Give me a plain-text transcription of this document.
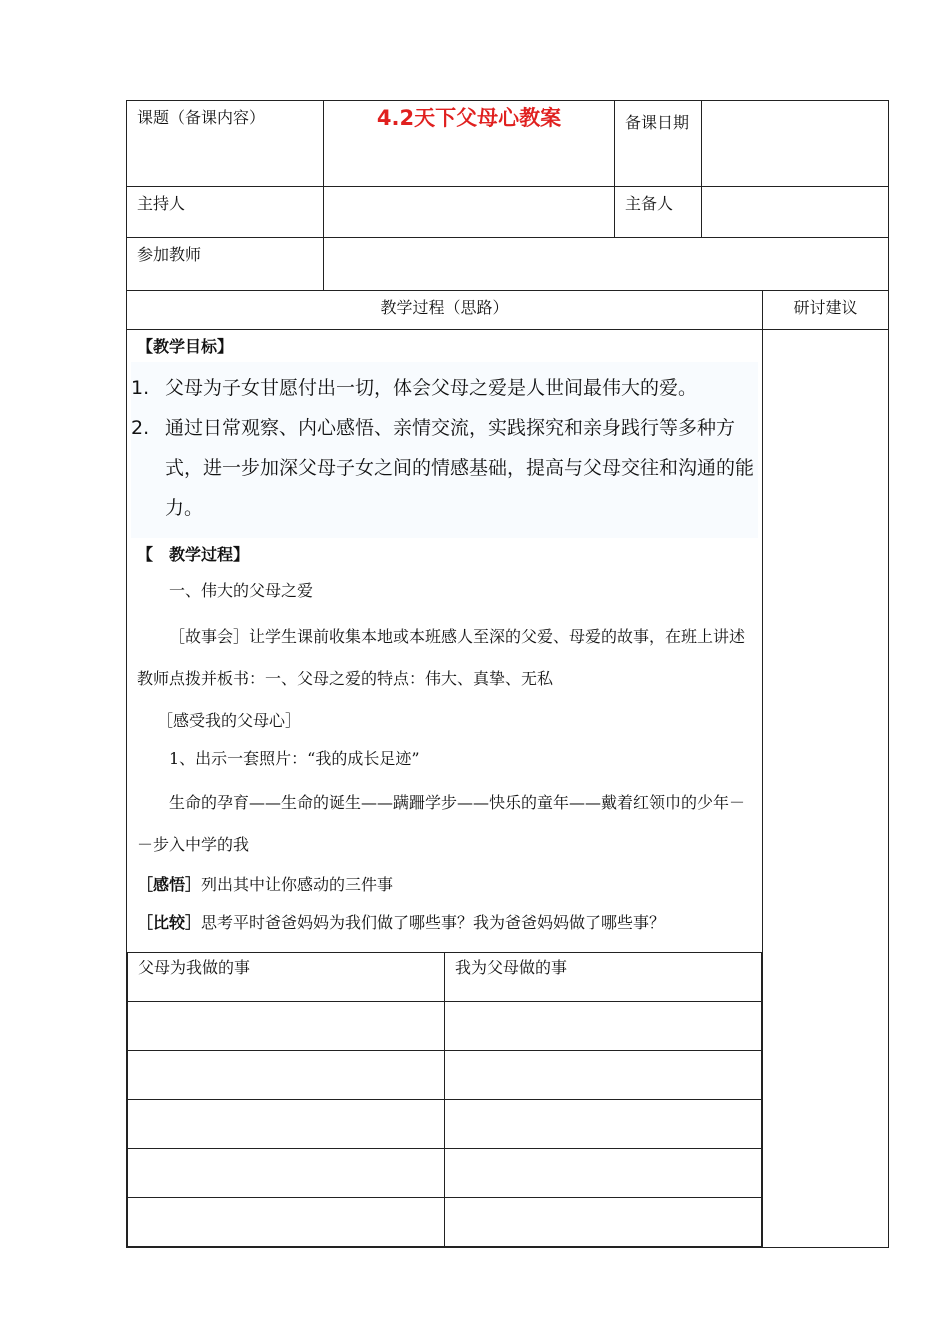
课题（备课内容）	4.2天下父母心教案	备课日期	
主持人		主备人	
参加教师	
教学过程（思路）	研讨建议

【教学目标】
1. 父母为子女甘愿付出一切，体会父母之爱是人世间最伟大的爱。
2. 通过日常观察、内心感悟、亲情交流，实践探究和亲身践行等多种方式，进一步加深父母子女之间的情感基础，提高与父母交往和沟通的能力。

【　教学过程】

一、伟大的父母之爱

［故事会］让学生课前收集本地或本班感人至深的父爱、母爱的故事，在班上讲述教师点拨并板书：一、父母之爱的特点：伟大、真挚、无私

［感受我的父母心］

1、出示一套照片：“我的成长足迹”

生命的孕育——生命的诞生——蹒跚学步——快乐的童年——戴着红领巾的少年－－步入中学的我

［感悟］列出其中让你感动的三件事

［比较］思考平时爸爸妈妈为我们做了哪些事？我为爸爸妈妈做了哪些事？

父母为我做的事	我为父母做的事
